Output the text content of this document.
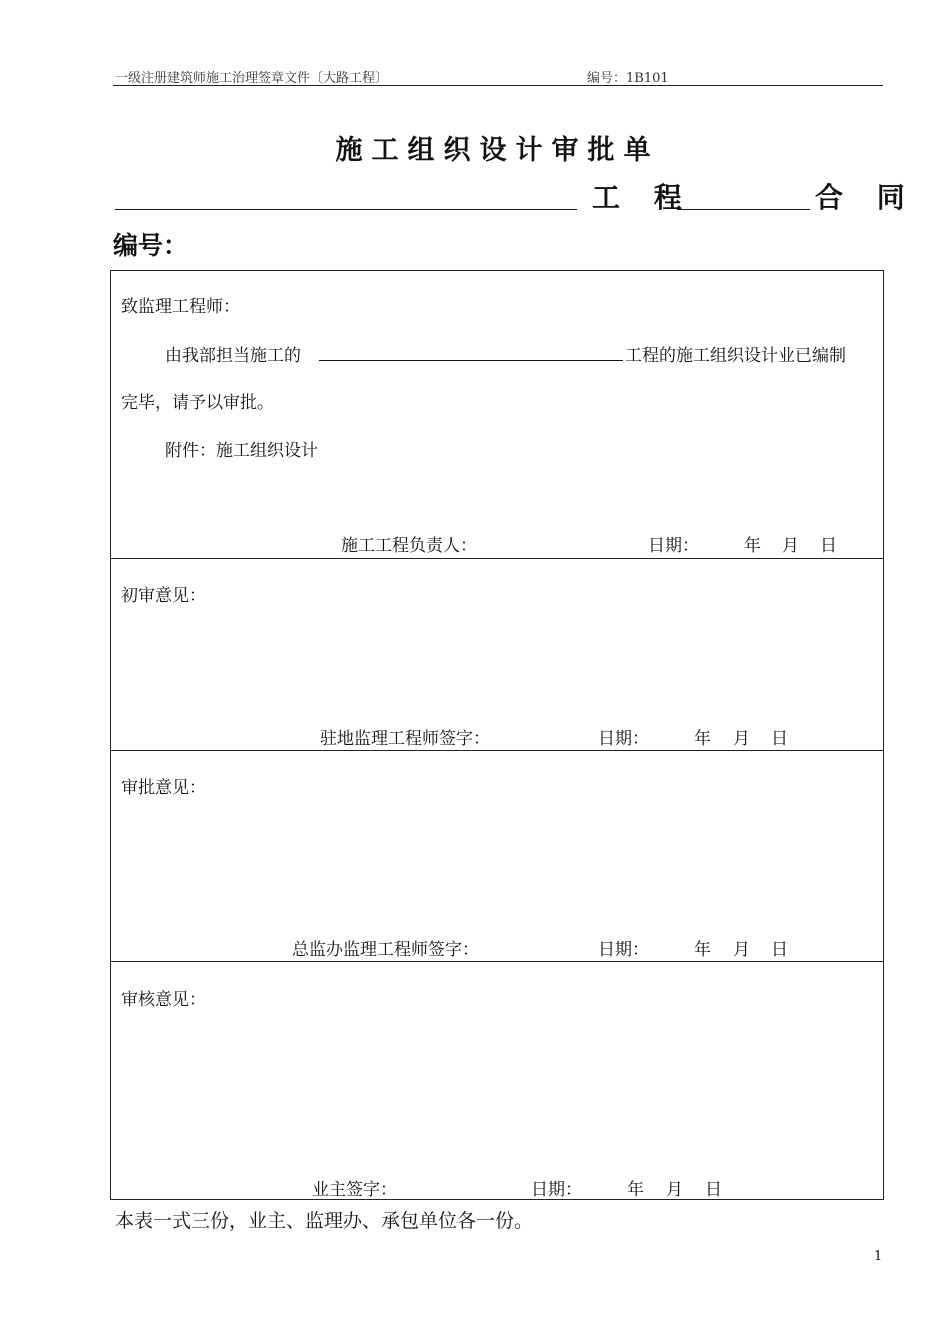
一级注册建筑师施工治理签章文件〔大路工程〕	编号：1B101
施工组织设计审批单
工 程	合 同
编号：
致监理工程师：
由我部担当施工的	工程的施工组织设计业已编制
完毕，请予以审批。
附件：施工组织设计
施工工程负责人：	日期：	年 月 日
初审意见：
驻地监理工程师签字：	日期：	年 月 日
审批意见：
总监办监理工程师签字：	日期：	年 月 日
审核意见：
业主签字：	日期：	年 月 日
本表一式三份，业主、监理办、承包单位各一份。
1
